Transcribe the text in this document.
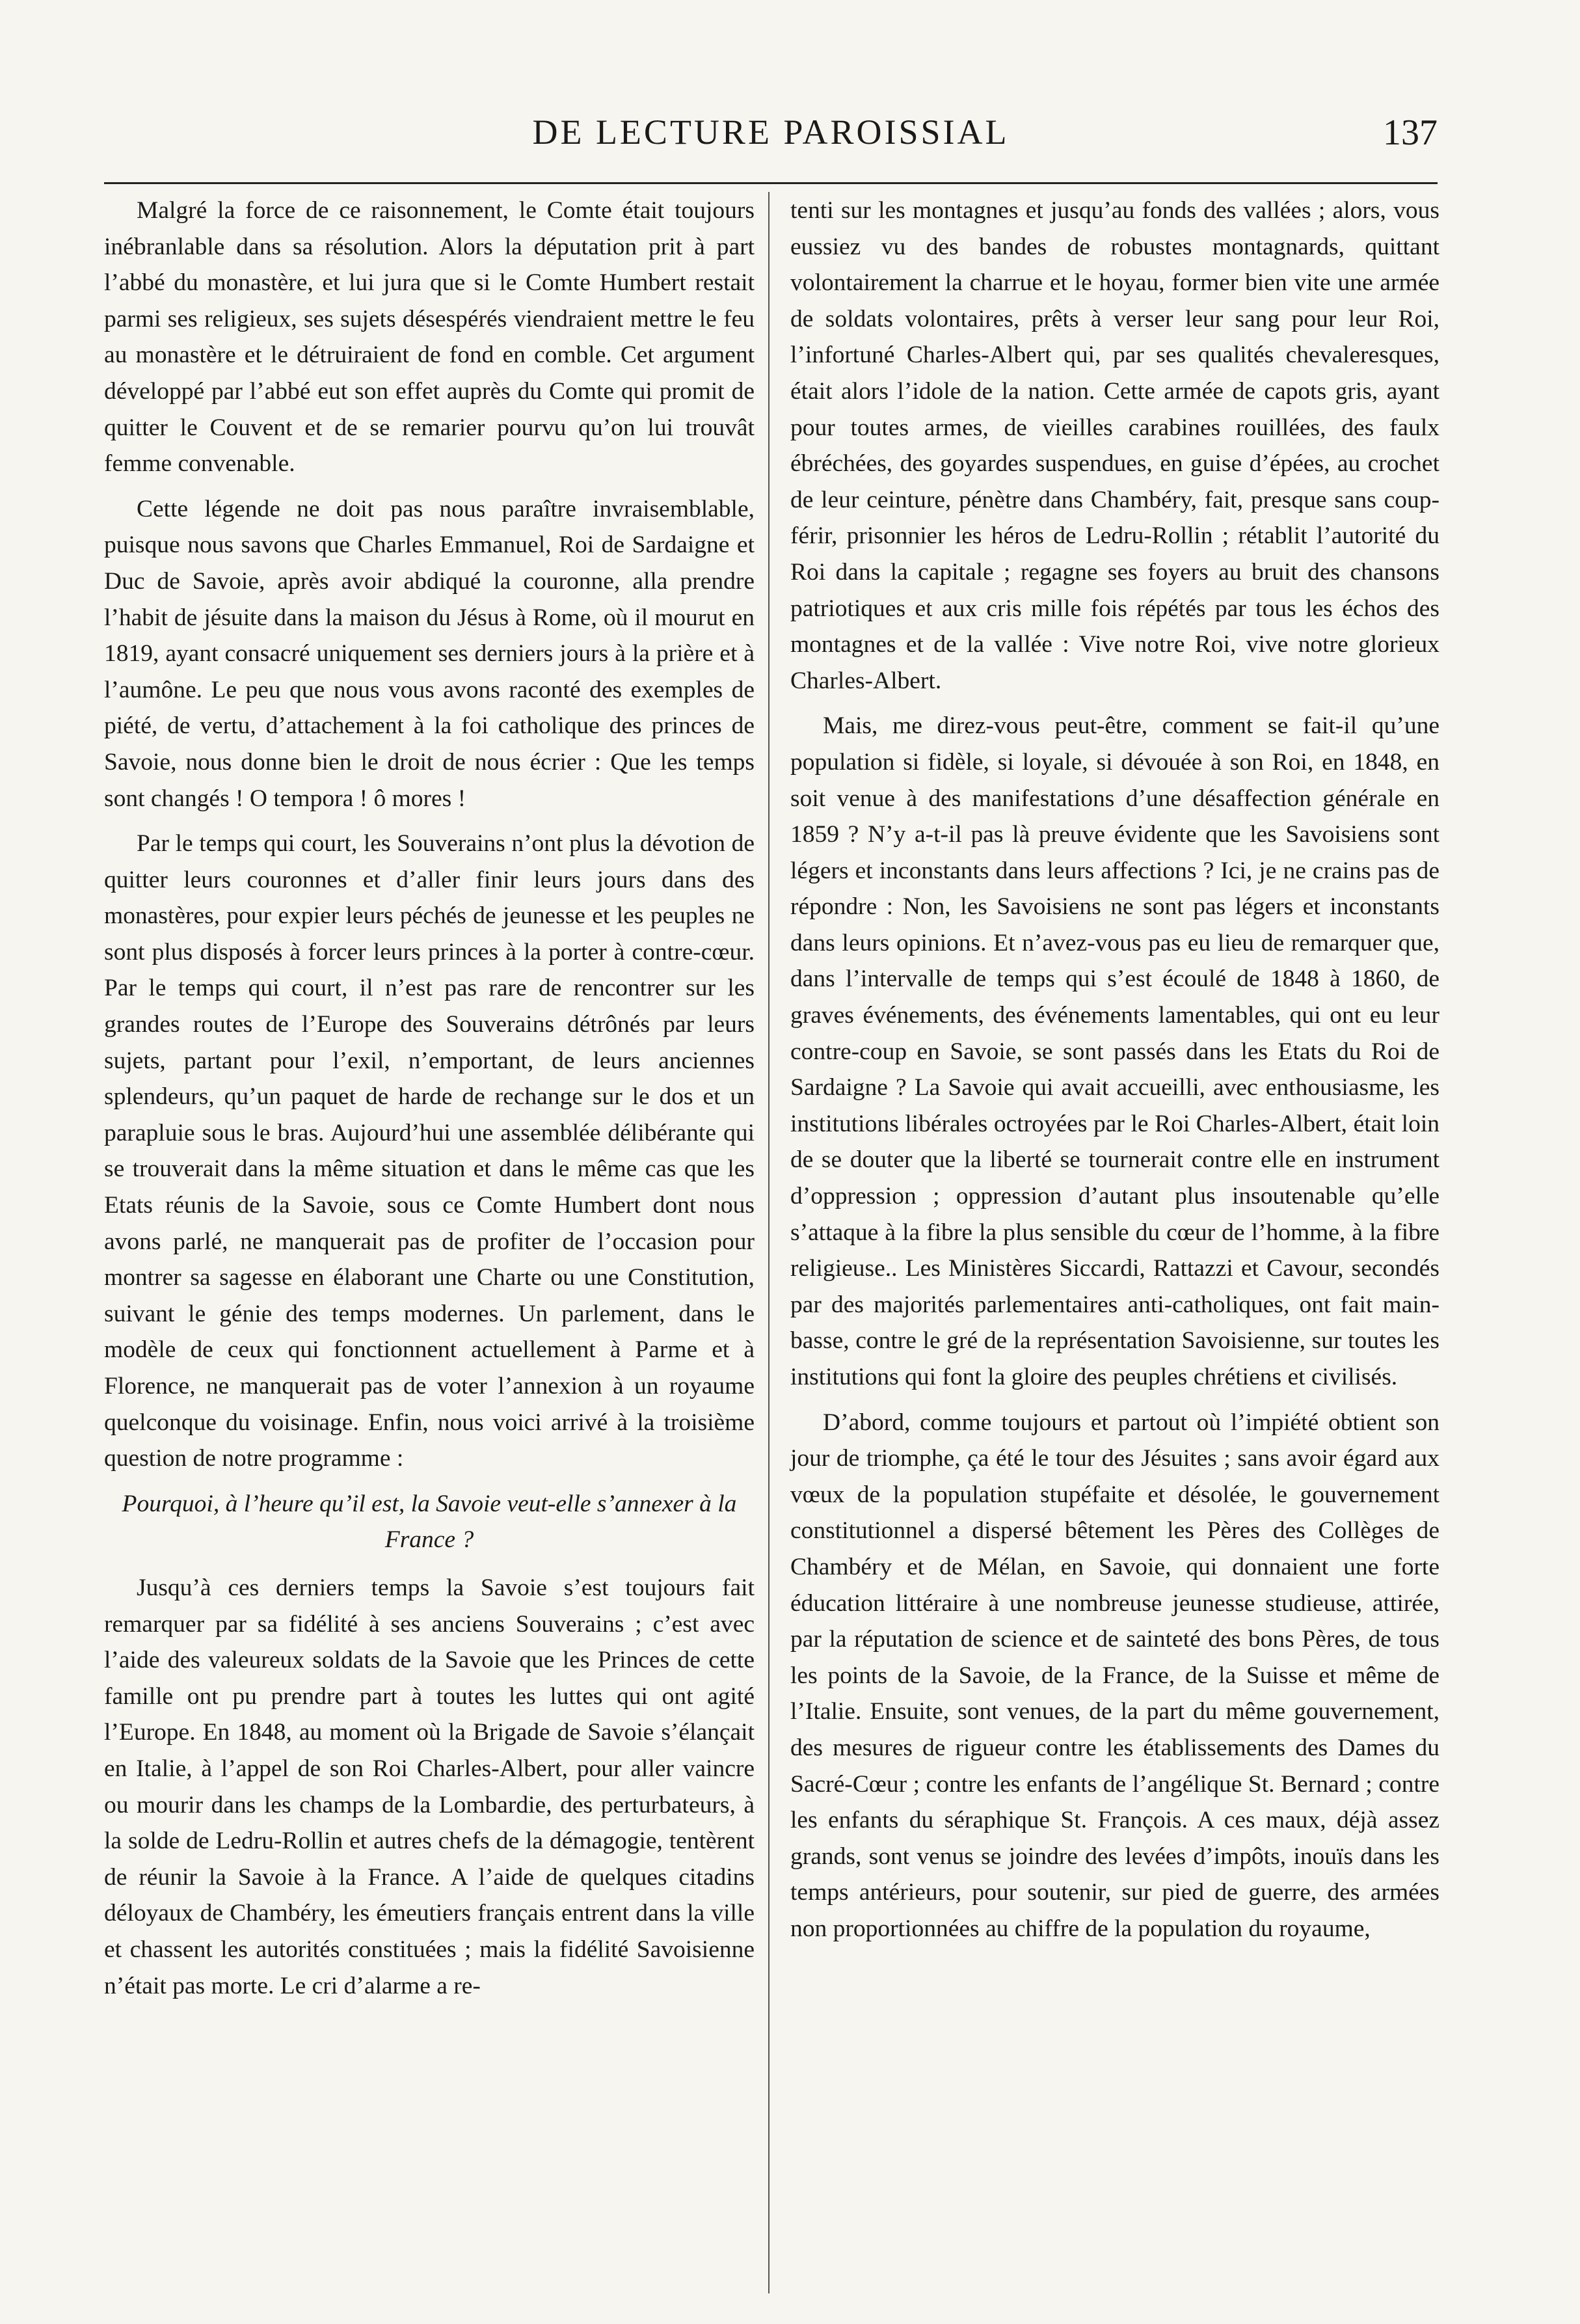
DE LECTURE PAROISSIAL	137

Malgré la force de ce raisonnement, le Comte était toujours inébranlable dans sa résolution. Alors la députation prit à part l’abbé du monastère, et lui jura que si le Comte Humbert restait parmi ses religieux, ses sujets désespérés viendraient mettre le feu au monastère et le détruiraient de fond en comble. Cet argument développé par l’abbé eut son effet auprès du Comte qui promit de quitter le Couvent et de se remarier pourvu qu’on lui trouvât femme convenable.

Cette légende ne doit pas nous paraître invraisemblable, puisque nous savons que Charles Emmanuel, Roi de Sardaigne et Duc de Savoie, après avoir abdiqué la couronne, alla prendre l’habit de jésuite dans la maison du Jésus à Rome, où il mourut en 1819, ayant consacré uniquement ses derniers jours à la prière et à l’aumône. Le peu que nous vous avons raconté des exemples de piété, de vertu, d’attachement à la foi catholique des princes de Savoie, nous donne bien le droit de nous écrier : Que les temps sont changés ! O tempora ! ô mores !

Par le temps qui court, les Souverains n’ont plus la dévotion de quitter leurs couronnes et d’aller finir leurs jours dans des monastères, pour expier leurs péchés de jeunesse et les peuples ne sont plus disposés à forcer leurs princes à la porter à contre-cœur. Par le temps qui court, il n’est pas rare de rencontrer sur les grandes routes de l’Europe des Souverains détrônés par leurs sujets, partant pour l’exil, n’emportant, de leurs anciennes splendeurs, qu’un paquet de harde de rechange sur le dos et un parapluie sous le bras. Aujourd’hui une assemblée délibérante qui se trouverait dans la même situation et dans le même cas que les Etats réunis de la Savoie, sous ce Comte Humbert dont nous avons parlé, ne manquerait pas de profiter de l’occasion pour montrer sa sagesse en élaborant une Charte ou une Constitution, suivant le génie des temps modernes. Un parlement, dans le modèle de ceux qui fonctionnent actuellement à Parme et à Florence, ne manquerait pas de voter l’annexion à un royaume quelconque du voisinage. Enfin, nous voici arrivé à la troisième question de notre programme :

Pourquoi, à l’heure qu’il est, la Savoie veut-elle s’annexer à la France ?

Jusqu’à ces derniers temps la Savoie s’est toujours fait remarquer par sa fidélité à ses anciens Souverains ; c’est avec l’aide des valeureux soldats de la Savoie que les Princes de cette famille ont pu prendre part à toutes les luttes qui ont agité l’Europe. En 1848, au moment où la Brigade de Savoie s’élançait en Italie, à l’appel de son Roi Charles-Albert, pour aller vaincre ou mourir dans les champs de la Lombardie, des perturbateurs, à la solde de Ledru-Rollin et autres chefs de la démagogie, tentèrent de réunir la Savoie à la France. A l’aide de quelques citadins déloyaux de Chambéry, les émeutiers français entrent dans la ville et chassent les autorités constituées ; mais la fidélité Savoisienne n’était pas morte. Le cri d’alarme a re-

tenti sur les montagnes et jusqu’au fonds des vallées ; alors, vous eussiez vu des bandes de robustes montagnards, quittant volontairement la charrue et le hoyau, former bien vite une armée de soldats volontaires, prêts à verser leur sang pour leur Roi, l’infortuné Charles-Albert qui, par ses qualités chevaleresques, était alors l’idole de la nation. Cette armée de capots gris, ayant pour toutes armes, de vieilles carabines rouillées, des faulx ébréchées, des goyardes suspendues, en guise d’épées, au crochet de leur ceinture, pénètre dans Chambéry, fait, presque sans coup-férir, prisonnier les héros de Ledru-Rollin ; rétablit l’autorité du Roi dans la capitale ; regagne ses foyers au bruit des chansons patriotiques et aux cris mille fois répétés par tous les échos des montagnes et de la vallée : Vive notre Roi, vive notre glorieux Charles-Albert.

Mais, me direz-vous peut-être, comment se fait-il qu’une population si fidèle, si loyale, si dévouée à son Roi, en 1848, en soit venue à des manifestations d’une désaffection générale en 1859 ? N’y a-t-il pas là preuve évidente que les Savoisiens sont légers et inconstants dans leurs affections ? Ici, je ne crains pas de répondre : Non, les Savoisiens ne sont pas légers et inconstants dans leurs opinions. Et n’avez-vous pas eu lieu de remarquer que, dans l’intervalle de temps qui s’est écoulé de 1848 à 1860, de graves événements, des événements lamentables, qui ont eu leur contre-coup en Savoie, se sont passés dans les Etats du Roi de Sardaigne ? La Savoie qui avait accueilli, avec enthousiasme, les institutions libérales octroyées par le Roi Charles-Albert, était loin de se douter que la liberté se tournerait contre elle en instrument d’oppression ; oppression d’autant plus insoutenable qu’elle s’attaque à la fibre la plus sensible du cœur de l’homme, à la fibre religieuse.. Les Ministères Siccardi, Rattazzi et Cavour, secondés par des majorités parlementaires anti-catholiques, ont fait main-basse, contre le gré de la représentation Savoisienne, sur toutes les institutions qui font la gloire des peuples chrétiens et civilisés.

D’abord, comme toujours et partout où l’impiété obtient son jour de triomphe, ça été le tour des Jésuites ; sans avoir égard aux vœux de la population stupéfaite et désolée, le gouvernement constitutionnel a dispersé bêtement les Pères des Collèges de Chambéry et de Mélan, en Savoie, qui donnaient une forte éducation littéraire à une nombreuse jeunesse studieuse, attirée, par la réputation de science et de sainteté des bons Pères, de tous les points de la Savoie, de la France, de la Suisse et même de l’Italie. Ensuite, sont venues, de la part du même gouvernement, des mesures de rigueur contre les établissements des Dames du Sacré-Cœur ; contre les enfants de l’angélique St. Bernard ; contre les enfants du séraphique St. François. A ces maux, déjà assez grands, sont venus se joindre des levées d’impôts, inouïs dans les temps antérieurs, pour soutenir, sur pied de guerre, des armées non proportionnées au chiffre de la population du royaume,
